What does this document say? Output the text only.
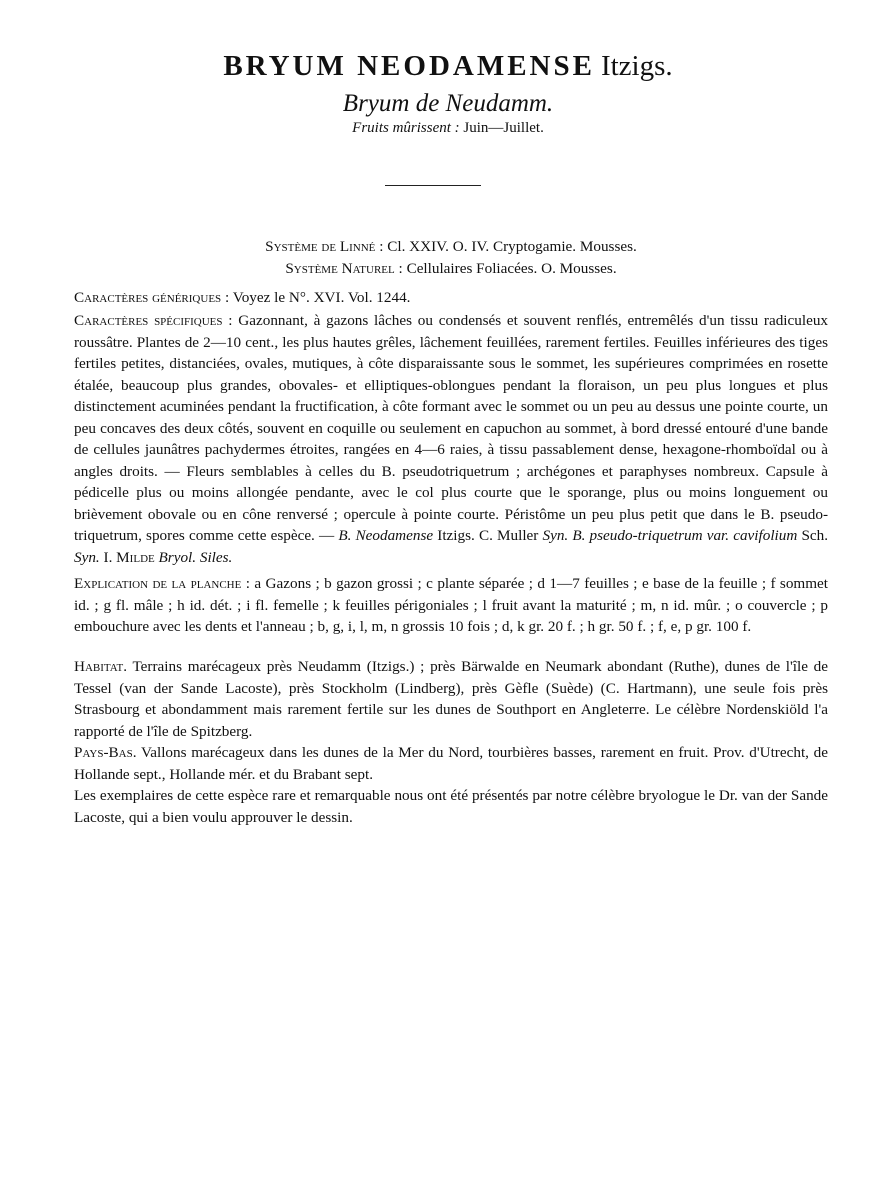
BRYUM NEODAMENSE Itzigs.
Bryum de Neudamm.
Fruits mûrissent : Juin—Juillet.

Système de Linné : Cl. XXIV. O. IV. Cryptogamie. Mousses.

Système Naturel : Cellulaires Foliacées. O. Mousses.

Caractères génériques : Voyez le N°. XVI. Vol. 1244.

Caractères spécifiques : Gazonnant, à gazons lâches ou condensés et souvent renflés, entremêlés d'un tissu radiculeux roussâtre. Plantes de 2—10 cent., les plus hautes grêles, lâchement feuillées, rarement fertiles. Feuilles inférieures des tiges fertiles petites, distanciées, ovales, mutiques, à côte disparaissante sous le sommet, les supérieures comprimées en rosette étalée, beaucoup plus grandes, obovales- et elliptiques-oblongues pendant la floraison, un peu plus longues et plus distinctement acuminées pendant la fructification, à côte formant avec le sommet ou un peu au dessus une pointe courte, un peu concaves des deux côtés, souvent en coquille ou seulement en capuchon au sommet, à bord dressé entouré d'une bande de cellules jaunâtres pachydermes étroites, rangées en 4—6 raies, à tissu passablement dense, hexagone-rhomboïdal ou à angles droits. — Fleurs semblables à celles du B. pseudotriquetrum ; archégones et paraphyses nombreux. Capsule à pédicelle plus ou moins allongée pendante, avec le col plus courte que le sporange, plus ou moins longuement ou brièvement obovale ou en cône renversé ; opercule à pointe courte. Péristôme un peu plus petit que dans le B. pseudo-triquetrum, spores comme cette espèce. — B. Neodamense Itzigs. C. Muller Syn. B. pseudo-triquetrum var. cavifolium Sch. Syn. I. Milde Bryol. Siles.

Explication de la planche : a Gazons ; b gazon grossi ; c plante séparée ; d 1—7 feuilles ; e base de la feuille ; f sommet id. ; g fl. mâle ; h id. dét. ; i fl. femelle ; k feuilles périgoniales ; l fruit avant la maturité ; m, n id. mûr. ; o couvercle ; p embouchure avec les dents et l'anneau ; b, g, i, l, m, n grossis 10 fois ; d, k gr. 20 f. ; h gr. 50 f. ; f, e, p gr. 100 f.

Habitat. Terrains marécageux près Neudamm (Itzigs.) ; près Bärwalde en Neumark abondant (Ruthe), dunes de l'île de Tessel (van der Sande Lacoste), près Stockholm (Lindberg), près Gèfle (Suède) (C. Hartmann), une seule fois près Strasbourg et abondamment mais rarement fertile sur les dunes de Southport en Angleterre. Le célèbre Nordenskiöld l'a rapporté de l'île de Spitzberg.

Pays-Bas. Vallons marécageux dans les dunes de la Mer du Nord, tourbières basses, rarement en fruit. Prov. d'Utrecht, de Hollande sept., Hollande mér. et du Brabant sept.

Les exemplaires de cette espèce rare et remarquable nous ont été présentés par notre célèbre bryologue le Dr. van der Sande Lacoste, qui a bien voulu approuver le dessin.
